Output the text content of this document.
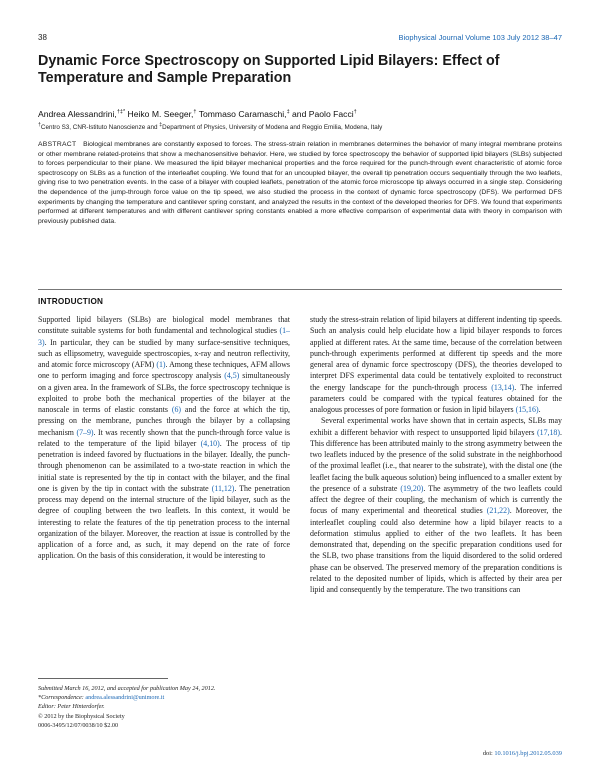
38	Biophysical Journal Volume 103 July 2012 38–47
Dynamic Force Spectroscopy on Supported Lipid Bilayers: Effect of Temperature and Sample Preparation
Andrea Alessandrini,†‡* Heiko M. Seeger,† Tommaso Caramaschi,‡ and Paolo Facci†
†Centro S3, CNR-Istituto Nanoscienze and ‡Department of Physics, University of Modena and Reggio Emilia, Modena, Italy

ABSTRACT Biological membranes are constantly exposed to forces. The stress-strain relation in membranes determines the behavior of many integral membrane proteins or other membrane related-proteins that show a mechanosensitive behavior. Here, we studied by force spectroscopy the behavior of supported lipid bilayers (SLBs) subjected to forces perpendicular to their plane. We measured the lipid bilayer mechanical properties and the force required for the punch-through event characteristic of atomic force spectroscopy on SLBs as a function of the interleaflet coupling. We found that for an uncoupled bilayer, the overall tip penetration occurs sequentially through the two leaflets, giving rise to two penetration events. In the case of a bilayer with coupled leaflets, penetration of the atomic force microscope tip always occurred in a single step. Considering the dependence of the jump-through force value on the tip speed, we also studied the process in the context of dynamic force spectroscopy (DFS). We performed DFS experiments by changing the temperature and cantilever spring constant, and analyzed the results in the context of the developed theories for DFS. We found that experiments performed at different temperatures and with different cantilever spring constants enabled a more effective comparison of experimental data with theory in comparison with previously published data.

INTRODUCTION

Supported lipid bilayers (SLBs) are biological model membranes that constitute suitable systems for both fundamental and technological studies (1–3). In particular, they can be studied by many surface-sensitive techniques, such as ellipsometry, waveguide spectroscopies, x-ray and neutron reflectivity, and atomic force microscopy (AFM) (1). Among these techniques, AFM allows one to perform imaging and force spectroscopy analysis (4,5) simultaneously on a given area. In the framework of SLBs, the force spectroscopy technique is exploited to probe both the mechanical properties of the bilayer at the nanoscale in terms of elastic constants (6) and the force at which the tip, pressing on the membrane, punches through the bilayer by a collapsing mechanism (7–9). It was recently shown that the punch-through force value is related to the temperature of the lipid bilayer (4,10). The process of tip penetration is indeed favored by fluctuations in the bilayer. Ideally, the punch-through phenomenon can be assimilated to a two-state reaction in which the initial state is represented by the tip in contact with the bilayer, and the final one is given by the tip in contact with the substrate (11,12). The penetration process may depend on the internal structure of the lipid bilayer, such as the degree of coupling between the two leaflets. In this context, it would be interesting to relate the features of the tip penetration process to the internal organization of the bilayer. Moreover, the reaction at issue is controlled by the application of a force and, as such, it may depend on the rate of force application. On the basis of this consideration, it would be interesting to

study the stress-strain relation of lipid bilayers at different indenting tip speeds. Such an analysis could help elucidate how a lipid bilayer responds to forces applied at different rates. At the same time, because of the correlation between punch-through experiments performed at different tip speeds and the more general area of dynamic force spectroscopy (DFS), the theories developed to interpret DFS experimental data could be tentatively exploited to reconstruct the energy landscape for the punch-through process (13,14). The inferred parameters could be compared with the typical features obtained for the analogous processes of pore formation or fusion in lipid bilayers (15,16).

Several experimental works have shown that in certain aspects, SLBs may exhibit a different behavior with respect to unsupported lipid bilayers (17,18). This difference has been attributed mainly to the strong asymmetry between the two leaflets induced by the presence of the solid substrate in the neighborhood of the proximal leaflet (i.e., that nearer to the substrate), with the distal one (the leaflet facing the bulk aqueous solution) being influenced to a smaller extent by the presence of a substrate (19,20). The asymmetry of the two leaflets could affect the degree of their coupling, the mechanism of which is currently the focus of many experimental and theoretical studies (21,22). Moreover, the interleaflet coupling could also determine how a lipid bilayer reacts to a deformation stimulus applied to either of the two leaflets. It has been demonstrated that, depending on the specific preparation conditions used for the SLB, two phase transitions from the liquid disordered to the solid ordered phase can be observed. The preserved memory of the preparation conditions is related to the deposited number of lipids, which is affected by their area per lipid and consequently by the temperature. The two transitions can

Submitted March 16, 2012, and accepted for publication May 24, 2012.
*Correspondence: andrea.alessandrini@unimore.it
Editor: Peter Hinterdorfer.
© 2012 by the Biophysical Society
0006-3495/12/07/0038/10 $2.00
doi: 10.1016/j.bpj.2012.05.039
